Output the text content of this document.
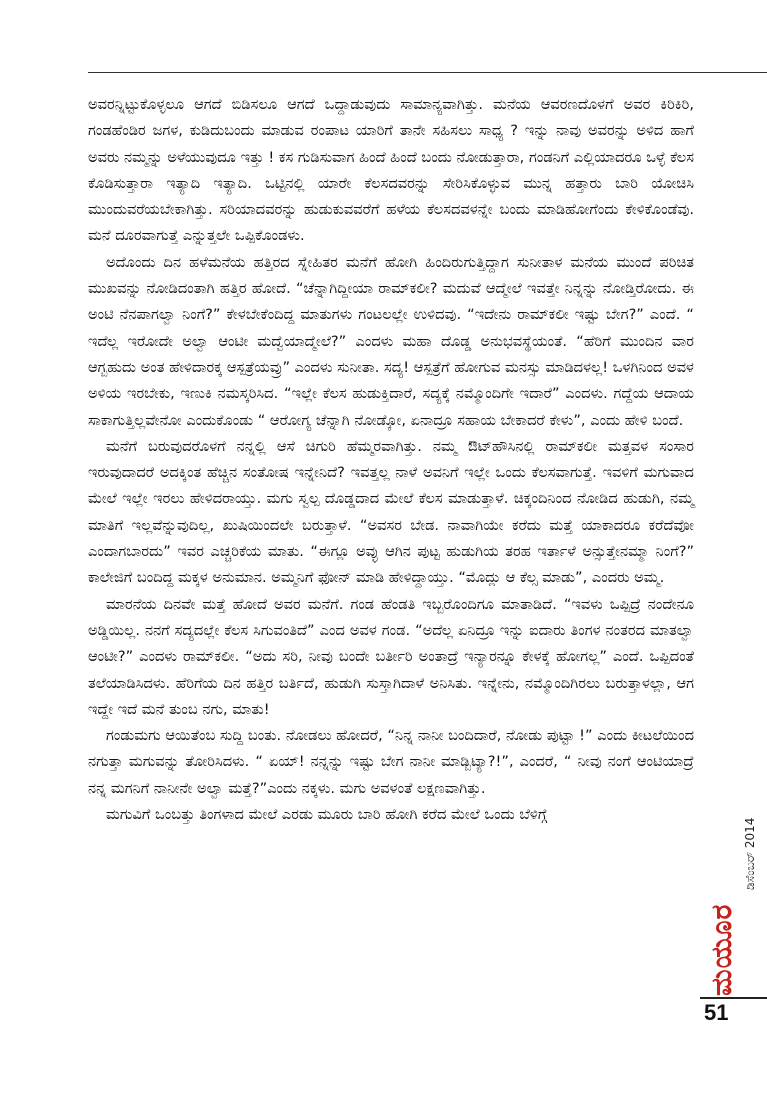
ಅವರನ್ನಿಟ್ಟುಕೊಳ್ಳಲೂ ಆಗದೆ ಬಿಡಿಸಲೂ ಆಗದೆ ಒದ್ದಾಡುವುದು ಸಾಮಾನ್ಯವಾಗಿತ್ತು. ಮನೆಯ ಆವರಣದೊಳಗೆ ಅವರ ಕಿರಿಕಿರಿ, ಗಂಡಹೆಂಡಿರ ಜಗಳ, ಕುಡಿದುಬಂದು ಮಾಡುವ ರಂಪಾಟ ಯಾರಿಗೆ ತಾನೇ ಸಹಿಸಲು ಸಾಧ್ಯ ? ಇನ್ನು ನಾವು ಅವರನ್ನು ಅಳಿದ ಹಾಗೆ ಅವರು ನಮ್ಮನ್ನು ಅಳೆಯುವುದೂ ಇತ್ತು ! ಕಸ ಗುಡಿಸುವಾಗ ಹಿಂದೆ ಹಿಂದೆ ಬಂದು ನೋಡುತ್ತಾರಾ, ಗಂಡನಿಗೆ ಎಲ್ಲಿಯಾದರೂ ಒಳ್ಳೆ ಕೆಲಸ ಕೊಡಿಸುತ್ತಾರಾ ಇತ್ಯಾದಿ ಇತ್ಯಾದಿ. ಒಟ್ಟಿನಲ್ಲಿ ಯಾರೇ ಕೆಲಸದವರನ್ನು ಸೇರಿಸಿಕೊಳ್ಳುವ ಮುನ್ನ ಹತ್ತಾರು ಬಾರಿ ಯೋಚಿಸಿ ಮುಂದುವರೆಯಬೇಕಾಗಿತ್ತು. ಸರಿಯಾದವರನ್ನು ಹುಡುಕುವವರೆಗೆ ಹಳೆಯ ಕೆಲಸದವಳನ್ನೇ ಬಂದು ಮಾಡಿಹೋಗೆಂದು ಕೇಳಿಕೊಂಡೆವು. ಮನೆ ದೂರವಾಗುತ್ತೆ ಎನ್ನುತ್ತಲೇ ಒಪ್ಪಿಕೊಂಡಳು.

ಅದೊಂದು ದಿನ ಹಳೆಮನೆಯ ಹತ್ತಿರದ ಸ್ನೇಹಿತರ ಮನೆಗೆ ಹೋಗಿ ಹಿಂದಿರುಗುತ್ತಿದ್ದಾಗ ಸುನೀತಾಳ ಮನೆಯ ಮುಂದೆ ಪರಿಚಿತ ಮುಖವನ್ನು ನೋಡಿದಂತಾಗಿ ಹತ್ತಿರ ಹೋದೆ. “ಚೆನ್ನಾಗಿದ್ದೀಯಾ ರಾಮ್‌ಕಲೀ? ಮದುವೆ ಆದ್ಮೇಲೆ ಇವತ್ತೇ ನಿನ್ನನ್ನು ನೋಡ್ತಿರೋದು. ಈ ಅಂಟಿ ನೆನಪಾಗಲ್ವಾ ನಿಂಗೆ?” ಕೇಳಬೇಕೆಂದಿದ್ದ ಮಾತುಗಳು ಗಂಟಲಲ್ಲೇ ಉಳಿದವು. “ಇದೇನು ರಾಮ್‌ಕಲೀ ಇಷ್ಟು ಬೇಗ?” ಎಂದೆ. “ ಇದೆಲ್ಲ ಇರೋದೇ ಅಲ್ವಾ ಆಂಟೀ ಮದ್ವೆಯಾದ್ಮೇಲೆ?” ಎಂದಳು ಮಹಾ ದೊಡ್ಡ ಅನುಭವಸ್ಥೆಯಂತೆ. “ಹೆರಿಗೆ ಮುಂದಿನ ವಾರ ಆಗ್ಬಹುದು ಅಂತ ಹೇಳಿದಾರಕ್ಕ ಆಸ್ಪತ್ರೆಯವ್ರು” ಎಂದಳು ಸುನೀತಾ. ಸದ್ಯ! ಆಸ್ಪತ್ರೆಗೆ ಹೋಗುವ ಮನಸ್ಸು ಮಾಡಿದಳಲ್ಲ! ಒಳಗಿನಿಂದ ಅವಳ ಅಳಿಯ ಇರಬೇಕು, ಇಣುಕಿ ನಮಸ್ಕರಿಸಿದ. “ಇಲ್ಲೇ ಕೆಲಸ ಹುಡುಕ್ತಿದಾರೆ, ಸದ್ಯಕ್ಕೆ ನಮ್ಮೊಂದಿಗೇ ಇದಾರೆ” ಎಂದಳು. ಗದ್ದೆಯ ಆದಾಯ ಸಾಕಾಗುತ್ತಿಲ್ಲವೇನೋ ಎಂದುಕೊಂಡು “ ಆರೋಗ್ಯ ಚೆನ್ನಾಗಿ ನೋಡ್ಕೋ, ಏನಾದ್ರೂ ಸಹಾಯ ಬೇಕಾದರೆ ಕೇಳು”, ಎಂದು ಹೇಳಿ ಬಂದೆ.

ಮನೆಗೆ ಬರುವುದರೊಳಗೆ ನನ್ನಲ್ಲಿ ಆಸೆ ಚಿಗುರಿ ಹೆಮ್ಮರವಾಗಿತ್ತು. ನಮ್ಮ ಔಟ್‌ಹೌಸಿನಲ್ಲಿ ರಾಮ್‌ಕಲೀ ಮತ್ತವಳ ಸಂಸಾರ ಇರುವುದಾದರೆ ಅದಕ್ಕಿಂತ ಹೆಚ್ಚಿನ ಸಂತೋಷ ಇನ್ನೇನಿದೆ? ಇವತ್ತಲ್ಲ ನಾಳೆ ಅವನಿಗೆ ಇಲ್ಲೇ ಒಂದು ಕೆಲಸವಾಗುತ್ತೆ. ಇವಳಿಗೆ ಮಗುವಾದ ಮೇಲೆ ಇಲ್ಲೇ ಇರಲು ಹೇಳಿದರಾಯ್ತು. ಮಗು ಸ್ವಲ್ಪ ದೊಡ್ಡದಾದ ಮೇಲೆ ಕೆಲಸ ಮಾಡುತ್ತಾಳೆ. ಚಿಕ್ಕಂದಿನಿಂದ ನೋಡಿದ ಹುಡುಗಿ, ನಮ್ಮ ಮಾತಿಗೆ ಇಲ್ಲವೆನ್ನುವುದಿಲ್ಲ, ಖುಷಿಯಿಂದಲೇ ಬರುತ್ತಾಳೆ. “ಅವಸರ ಬೇಡ. ನಾವಾಗಿಯೇ ಕರೆದು ಮತ್ತೆ ಯಾಕಾದರೂ ಕರೆದೆವೋ ಎಂದಾಗಬಾರದು” ಇವರ ಎಚ್ಚರಿಕೆಯ ಮಾತು. “ಈಗ್ಲೂ ಅವ್ಳು ಆಗಿನ ಪುಟ್ಟ ಹುಡುಗಿಯ ತರಹ ಇರ್ತಾಳೆ ಅನ್ಸುತ್ತೇನಮ್ಮಾ ನಿಂಗೆ?” ಕಾಲೇಜಿಗೆ ಬಂದಿದ್ದ ಮಕ್ಕಳ ಅನುಮಾನ. ಅಮ್ಮನಿಗೆ ಫೋನ್ ಮಾಡಿ ಹೇಳಿದ್ದಾಯ್ತು. “ಮೊದ್ಲು ಆ ಕೆಲ್ಸ ಮಾಡು”, ಎಂದರು ಅಮ್ಮ.

ಮಾರನೆಯ ದಿನವೇ ಮತ್ತೆ ಹೋದೆ ಅವರ ಮನೆಗೆ. ಗಂಡ ಹೆಂಡತಿ ಇಬ್ಬರೊಂದಿಗೂ ಮಾತಾಡಿದೆ. “ಇವಳು ಒಪ್ಪಿದ್ರೆ ನಂದೇನೂ ಅಡ್ಡಿಯಿಲ್ಲ. ನನಗೆ ಸದ್ಯದಲ್ಲೇ ಕೆಲಸ ಸಿಗುವಂತಿದೆ” ಎಂದ ಅವಳ ಗಂಡ. “ಅದೆಲ್ಲ ಏನಿದ್ರೂ ಇನ್ನು ಐದಾರು ತಿಂಗಳ ನಂತರದ ಮಾತಲ್ವಾ ಆಂಟೀ?” ಎಂದಳು ರಾಮ್‌ಕಲೀ. “ಅದು ಸರಿ, ನೀವು ಬಂದೇ ಬರ್ತೀರಿ ಅಂತಾದ್ರೆ ಇನ್ಯಾರನ್ನೂ ಕೇಳಕ್ಕೆ ಹೋಗಲ್ಲ” ಎಂದೆ. ಒಪ್ಪಿದಂತೆ ತಲೆಯಾಡಿಸಿದಳು. ಹೆರಿಗೆಯ ದಿನ ಹತ್ತಿರ ಬರ್ತಿದೆ, ಹುಡುಗಿ ಸುಸ್ತಾಗಿದಾಳೆ ಅನಿಸಿತು. ಇನ್ನೇನು, ನಮ್ಮೊಂದಿಗಿರಲು ಬರುತ್ತಾಳಲ್ಲಾ, ಆಗ ಇದ್ದೇ ಇದೆ ಮನೆ ತುಂಬ ನಗು, ಮಾತು!

ಗಂಡುಮಗು ಆಯಿತೆಂಬ ಸುದ್ದಿ ಬಂತು. ನೋಡಲು ಹೋದರೆ, “ನಿನ್ನ ನಾನೀ ಬಂದಿದಾರೆ, ನೋಡು ಪುಟ್ಟಾ !” ಎಂದು ಕೀಟಲೆಯಿಂದ ನಗುತ್ತಾ ಮಗುವನ್ನು ತೋರಿಸಿದಳು. “ ಏಯ್! ನನ್ನನ್ನು ಇಷ್ಟು ಬೇಗ ನಾನೀ ಮಾಡ್ಬಿಟ್ಯಾ?!”, ಎಂದರೆ, “ ನೀವು ನಂಗೆ ಆಂಟಿಯಾದ್ರೆ ನನ್ನ ಮಗನಿಗೆ ನಾನೀನೇ ಅಲ್ವಾ ಮತ್ತೆ?”ಎಂದು ನಕ್ಕಳು. ಮಗು ಅವಳಂತೆ ಲಕ್ಷಣವಾಗಿತ್ತು.

ಮಗುವಿಗೆ ಒಂಬತ್ತು ತಿಂಗಳಾದ ಮೇಲೆ ಎರಡು ಮೂರು ಬಾರಿ ಹೋಗಿ ಕರೆದ ಮೇಲೆ ಒಂದು ಬೆಳಿಗ್ಗೆ

ಡಿಸೆಂಬರ್ 2014
ಮಯೂರ
51
